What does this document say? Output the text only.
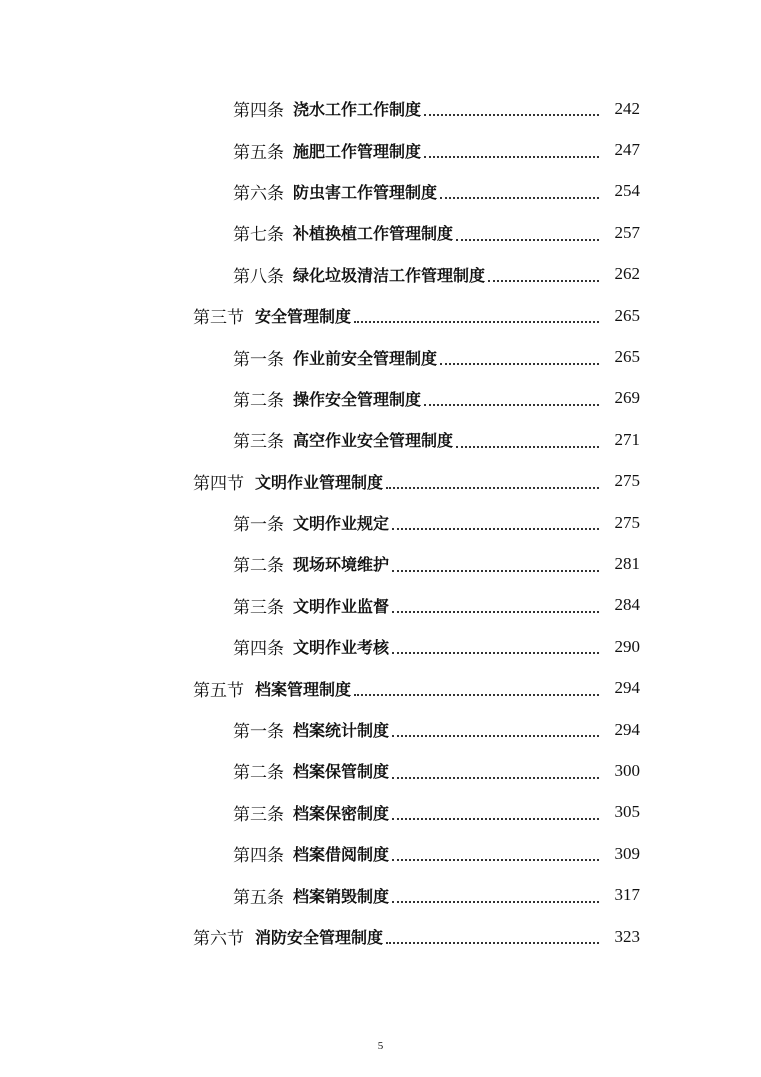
第四条 浇水工作工作制度	242
第五条 施肥工作管理制度	247
第六条 防虫害工作管理制度	254
第七条 补植换植工作管理制度	257
第八条 绿化垃圾清洁工作管理制度	262
第三节 安全管理制度	265
第一条 作业前安全管理制度	265
第二条 操作安全管理制度	269
第三条 高空作业安全管理制度	271
第四节 文明作业管理制度	275
第一条 文明作业规定	275
第二条 现场环境维护	281
第三条 文明作业监督	284
第四条 文明作业考核	290
第五节 档案管理制度	294
第一条 档案统计制度	294
第二条 档案保管制度	300
第三条 档案保密制度	305
第四条 档案借阅制度	309
第五条 档案销毁制度	317
第六节 消防安全管理制度	323
5
